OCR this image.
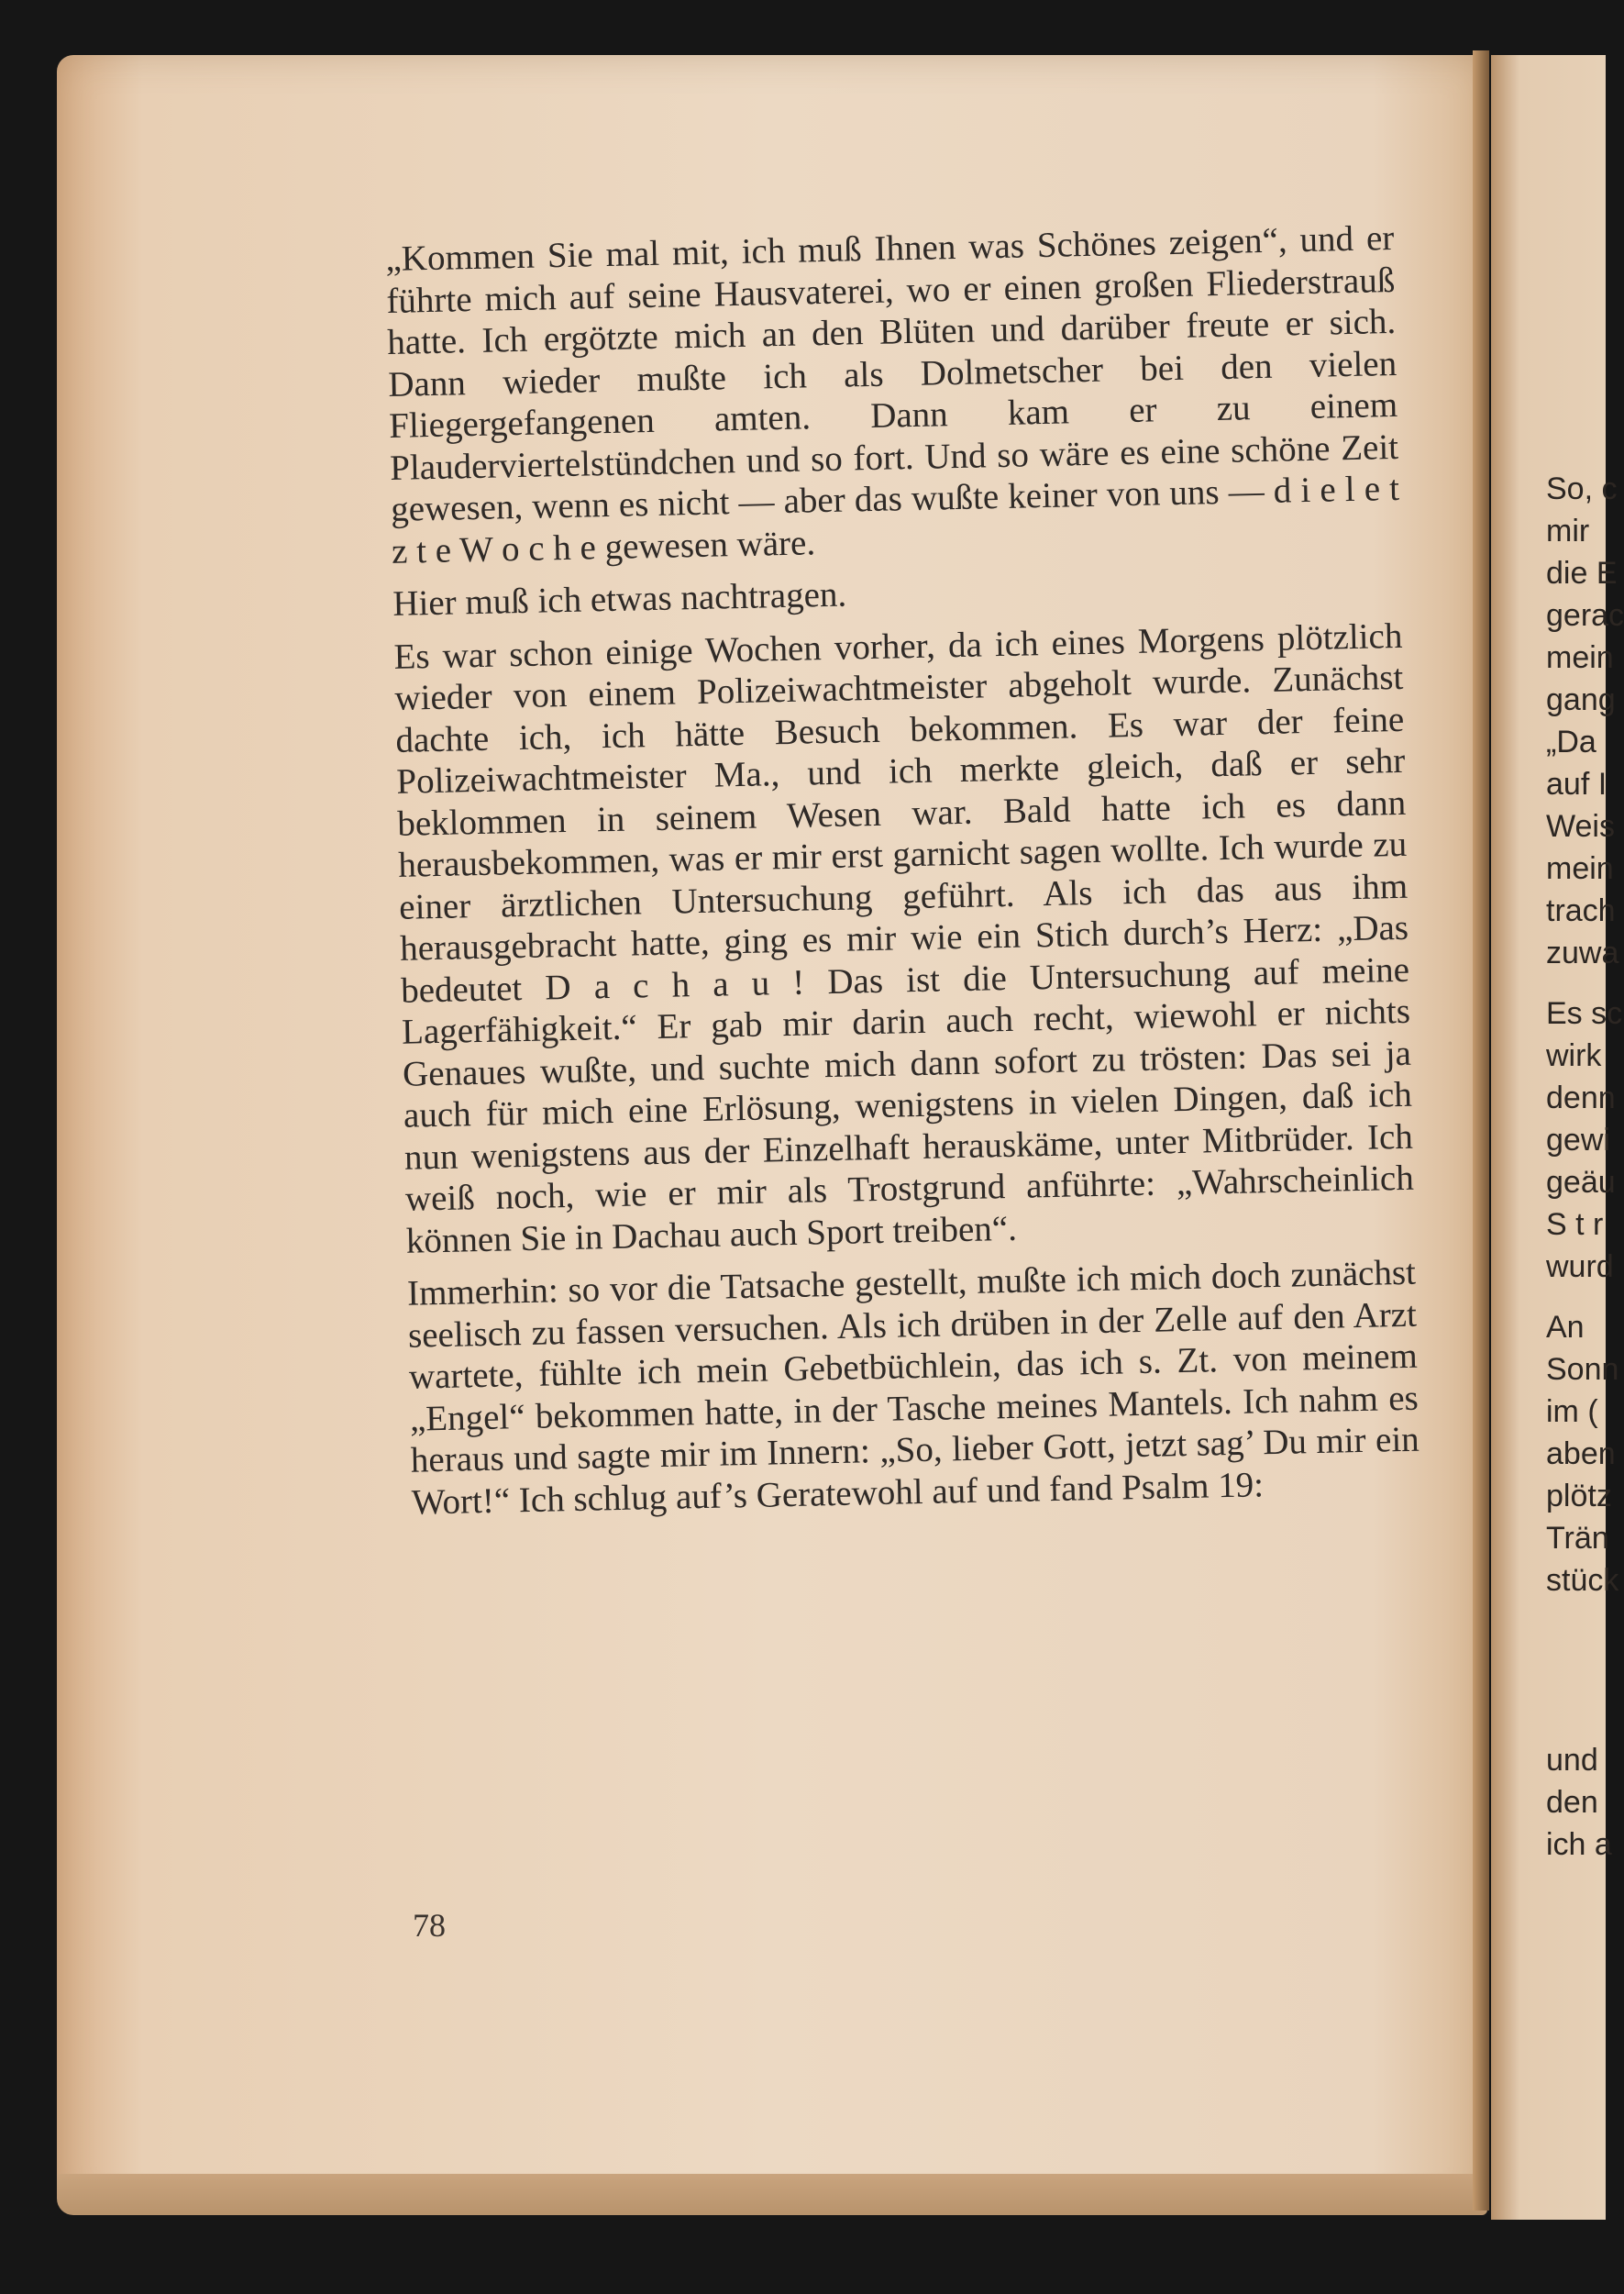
„Kommen Sie mal mit, ich muß Ihnen was Schönes zeigen“, und er führte mich auf seine Hausvaterei, wo er einen großen Fliederstrauß hatte. Ich ergötzte mich an den Blüten und darüber freute er sich. Dann wieder mußte ich als Dolmetscher bei den vielen Fliegergefangenen amten. Dann kam er zu einem Plauderviertelstündchen und so fort. Und so wäre es eine schöne Zeit gewesen, wenn es nicht — aber das wußte keiner von uns — d i e l e t z t e W o c h e gewesen wäre.

Hier muß ich etwas nachtragen.

Es war schon einige Wochen vorher, da ich eines Morgens plötzlich wieder von einem Polizeiwachtmeister abgeholt wurde. Zunächst dachte ich, ich hätte Besuch bekommen. Es war der feine Polizeiwachtmeister Ma., und ich merkte gleich, daß er sehr beklommen in seinem Wesen war. Bald hatte ich es dann herausbekommen, was er mir erst garnicht sagen wollte. Ich wurde zu einer ärztlichen Untersuchung geführt. Als ich das aus ihm herausgebracht hatte, ging es mir wie ein Stich durch’s Herz: „Das bedeutet D a c h a u ! Das ist die Untersuchung auf meine Lagerfähigkeit.“ Er gab mir darin auch recht, wiewohl er nichts Genaues wußte, und suchte mich dann sofort zu trösten: Das sei ja auch für mich eine Erlösung, wenigstens in vielen Dingen, daß ich nun wenigstens aus der Einzelhaft herauskäme, unter Mitbrüder. Ich weiß noch, wie er mir als Trostgrund anführte: „Wahrscheinlich können Sie in Dachau auch Sport treiben“.

Immerhin: so vor die Tatsache gestellt, mußte ich mich doch zunächst seelisch zu fassen versuchen. Als ich drüben in der Zelle auf den Arzt wartete, fühlte ich mein Gebetbüchlein, das ich s. Zt. von meinem „Engel“ bekommen hatte, in der Tasche meines Mantels. Ich nahm es heraus und sagte mir im Innern: „So, lieber Gott, jetzt sag’ Du mir ein Wort!“ Ich schlug auf’s Geratewohl auf und fand Psalm 19:

78
So, c
mir
die E
gerac
mein
gang
„Da
auf I
Weis
mein
trach
zuwa
Es sc
wirk
denn
gewi
geäu
S t r
wurd
An
Sonn
im (
aben
plötz
Trän
stück
und
den
ich a
